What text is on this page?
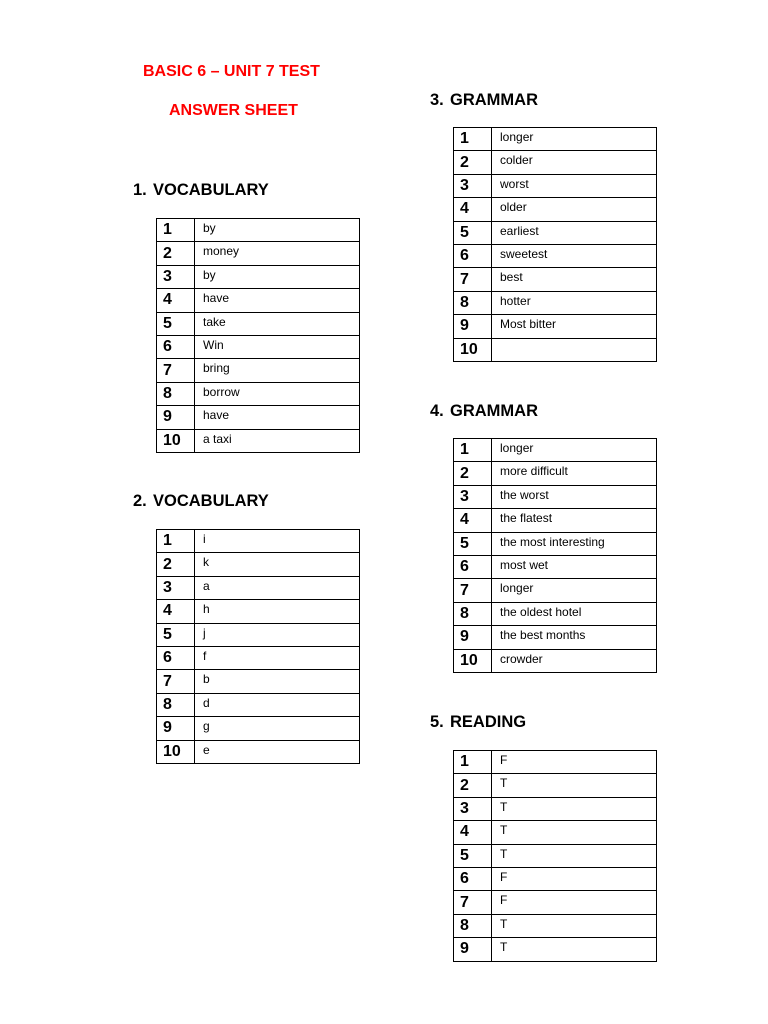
BASIC 6 – UNIT 7 TEST
ANSWER SHEET
1. VOCABULARY
1	by
2	money
3	by
4	have
5	take
6	Win
7	bring
8	borrow
9	have
10	a taxi
2. VOCABULARY
1	i
2	k
3	a
4	h
5	j
6	f
7	b
8	d
9	g
10	e
3. GRAMMAR
1	longer
2	colder
3	worst
4	older
5	earliest
6	sweetest
7	best
8	hotter
9	Most bitter
10	
4. GRAMMAR
1	longer
2	more difficult
3	the worst
4	the flatest
5	the most interesting
6	most wet
7	longer
8	the oldest hotel
9	the best months
10	crowder
5. READING
1	F
2	T
3	T
4	T
5	T
6	F
7	F
8	T
9	T
